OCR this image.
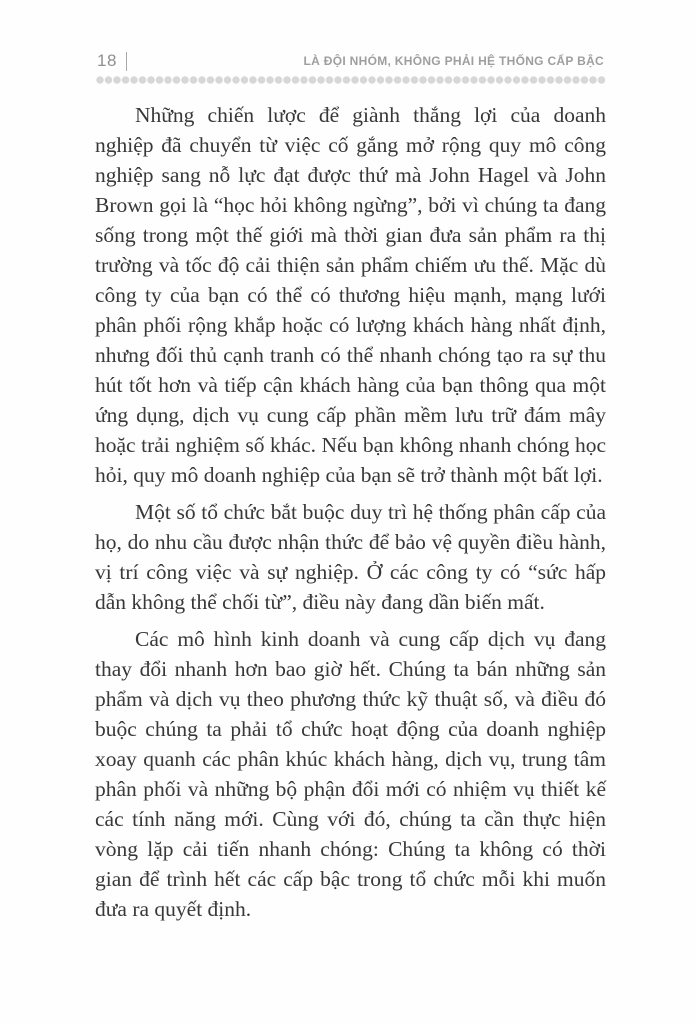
18	LÀ ĐỘI NHÓM, KHÔNG PHẢI HỆ THỐNG CẤP BẬC

Những chiến lược để giành thắng lợi của doanh nghiệp đã chuyển từ việc cố gắng mở rộng quy mô công nghiệp sang nỗ lực đạt được thứ mà John Hagel và John Brown gọi là “học hỏi không ngừng”, bởi vì chúng ta đang sống trong một thế giới mà thời gian đưa sản phẩm ra thị trường và tốc độ cải thiện sản phẩm chiếm ưu thế. Mặc dù công ty của bạn có thể có thương hiệu mạnh, mạng lưới phân phối rộng khắp hoặc có lượng khách hàng nhất định, nhưng đối thủ cạnh tranh có thể nhanh chóng tạo ra sự thu hút tốt hơn và tiếp cận khách hàng của bạn thông qua một ứng dụng, dịch vụ cung cấp phần mềm lưu trữ đám mây hoặc trải nghiệm số khác. Nếu bạn không nhanh chóng học hỏi, quy mô doanh nghiệp của bạn sẽ trở thành một bất lợi.

Một số tổ chức bắt buộc duy trì hệ thống phân cấp của họ, do nhu cầu được nhận thức để bảo vệ quyền điều hành, vị trí công việc và sự nghiệp. Ở các công ty có “sức hấp dẫn không thể chối từ”, điều này đang dần biến mất.

Các mô hình kinh doanh và cung cấp dịch vụ đang thay đổi nhanh hơn bao giờ hết. Chúng ta bán những sản phẩm và dịch vụ theo phương thức kỹ thuật số, và điều đó buộc chúng ta phải tổ chức hoạt động của doanh nghiệp xoay quanh các phân khúc khách hàng, dịch vụ, trung tâm phân phối và những bộ phận đổi mới có nhiệm vụ thiết kế các tính năng mới. Cùng với đó, chúng ta cần thực hiện vòng lặp cải tiến nhanh chóng: Chúng ta không có thời gian để trình hết các cấp bậc trong tổ chức mỗi khi muốn đưa ra quyết định.
